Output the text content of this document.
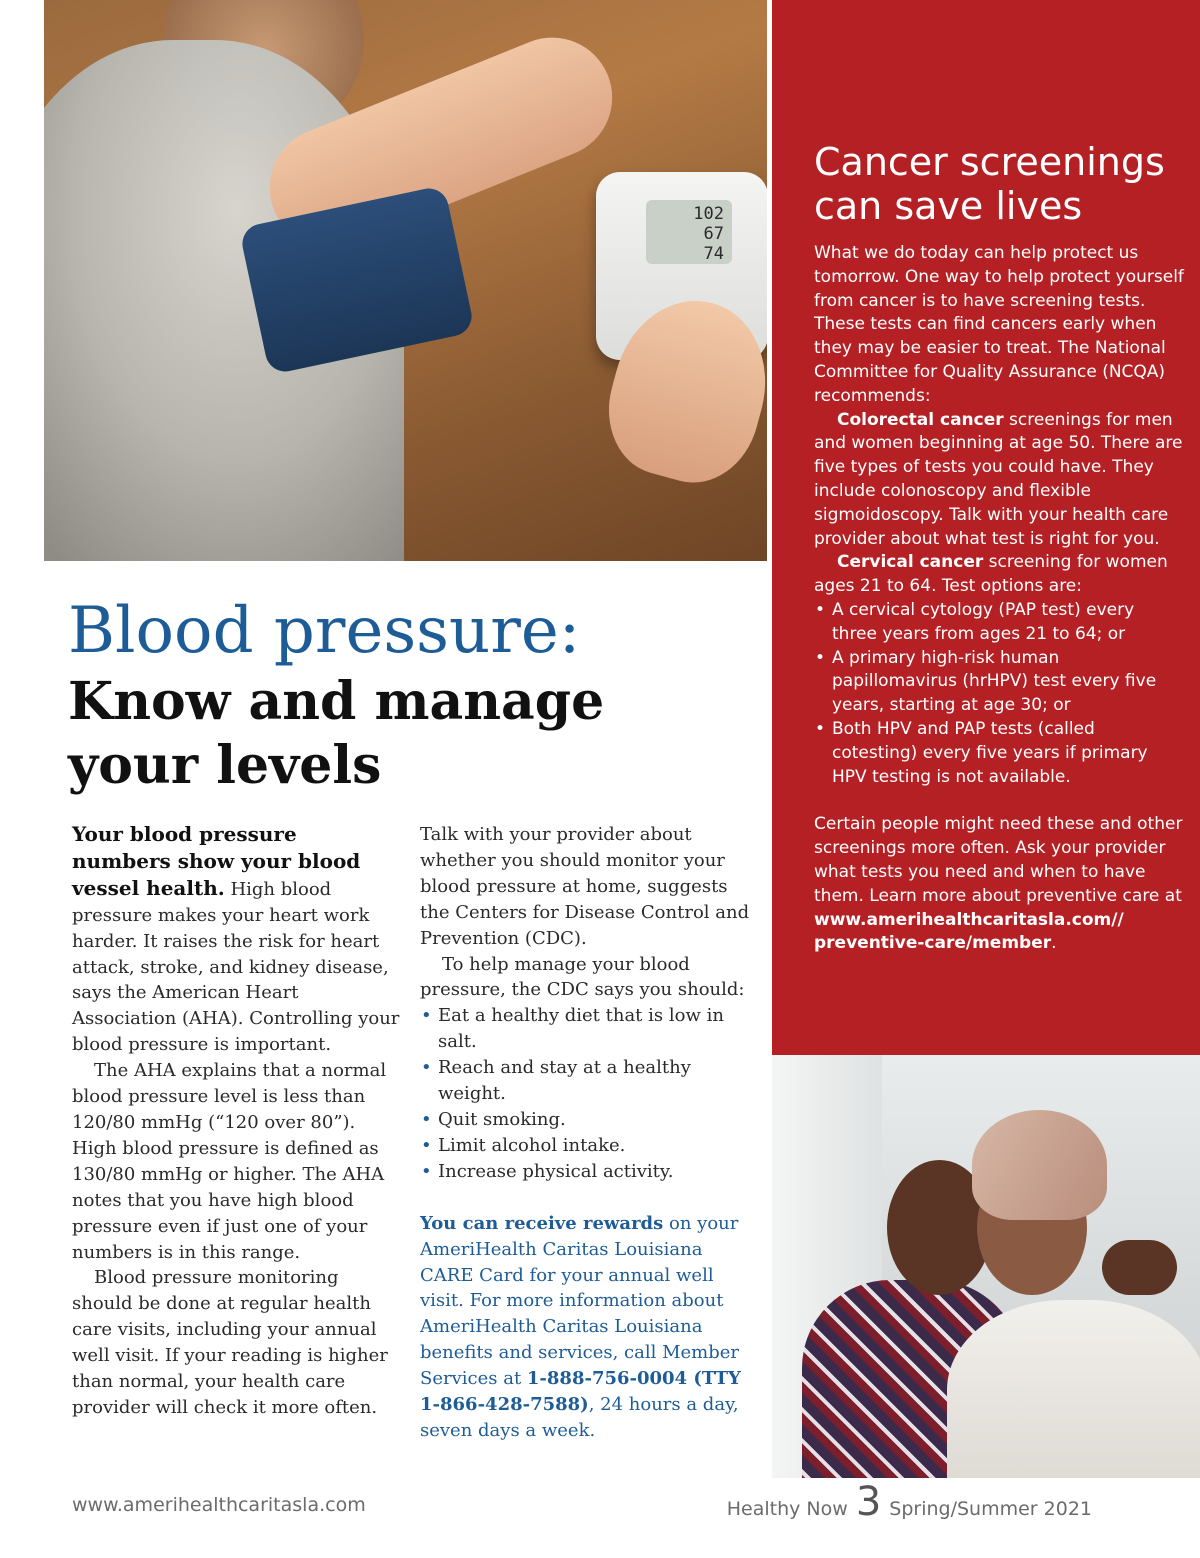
102
67
74
Blood pressure:
Know and manage
your levels

Your blood pressure numbers show your blood vessel health. High blood pressure makes your heart work harder. It raises the risk for heart attack, stroke, and kidney disease, says the American Heart Association (AHA). Controlling your blood pressure is important.

The AHA explains that a normal blood pressure level is less than 120/80 mmHg (“120 over 80”). High blood pressure is defined as 130/80 mmHg or higher. The AHA notes that you have high blood pressure even if just one of your numbers is in this range.

Blood pressure monitoring should be done at regular health care visits, including your annual well visit. If your reading is higher than normal, your health care provider will check it more often.

Talk with your provider about whether you should monitor your blood pressure at home, suggests the Centers for Disease Control and Prevention (CDC).

To help manage your blood pressure, the CDC says you should:

• Eat a healthy diet that is low in salt.
• Reach and stay at a healthy weight.
• Quit smoking.
• Limit alcohol intake.
• Increase physical activity.

You can receive rewards on your AmeriHealth Caritas Louisiana CARE Card for your annual well visit. For more information about AmeriHealth Caritas Louisiana benefits and services, call Member Services at 1-888-756-0004 (TTY 1-866-428-7588), 24 hours a day, seven days a week.

Cancer screenings can save lives

What we do today can help protect us tomorrow. One way to help protect yourself from cancer is to have screening tests. These tests can find cancers early when they may be easier to treat. The National Committee for Quality Assurance (NCQA) recommends:

Colorectal cancer screenings for men and women beginning at age 50. There are five types of tests you could have. They include colonoscopy and flexible sigmoidoscopy. Talk with your health care provider about what test is right for you.

Cervical cancer screening for women ages 21 to 64. Test options are:

• A cervical cytology (PAP test) every three years from ages 21 to 64; or
• A primary high-risk human papillomavirus (hrHPV) test every five years, starting at age 30; or
• Both HPV and PAP tests (called cotesting) every five years if primary HPV testing is not available.

Certain people might need these and other screenings more often. Ask your provider what tests you need and when to have them. Learn more about preventive care at www.amerihealthcaritasla.com// preventive-care/member.

www.amerihealthcaritasla.com	Healthy Now 3 Spring/Summer 2021
